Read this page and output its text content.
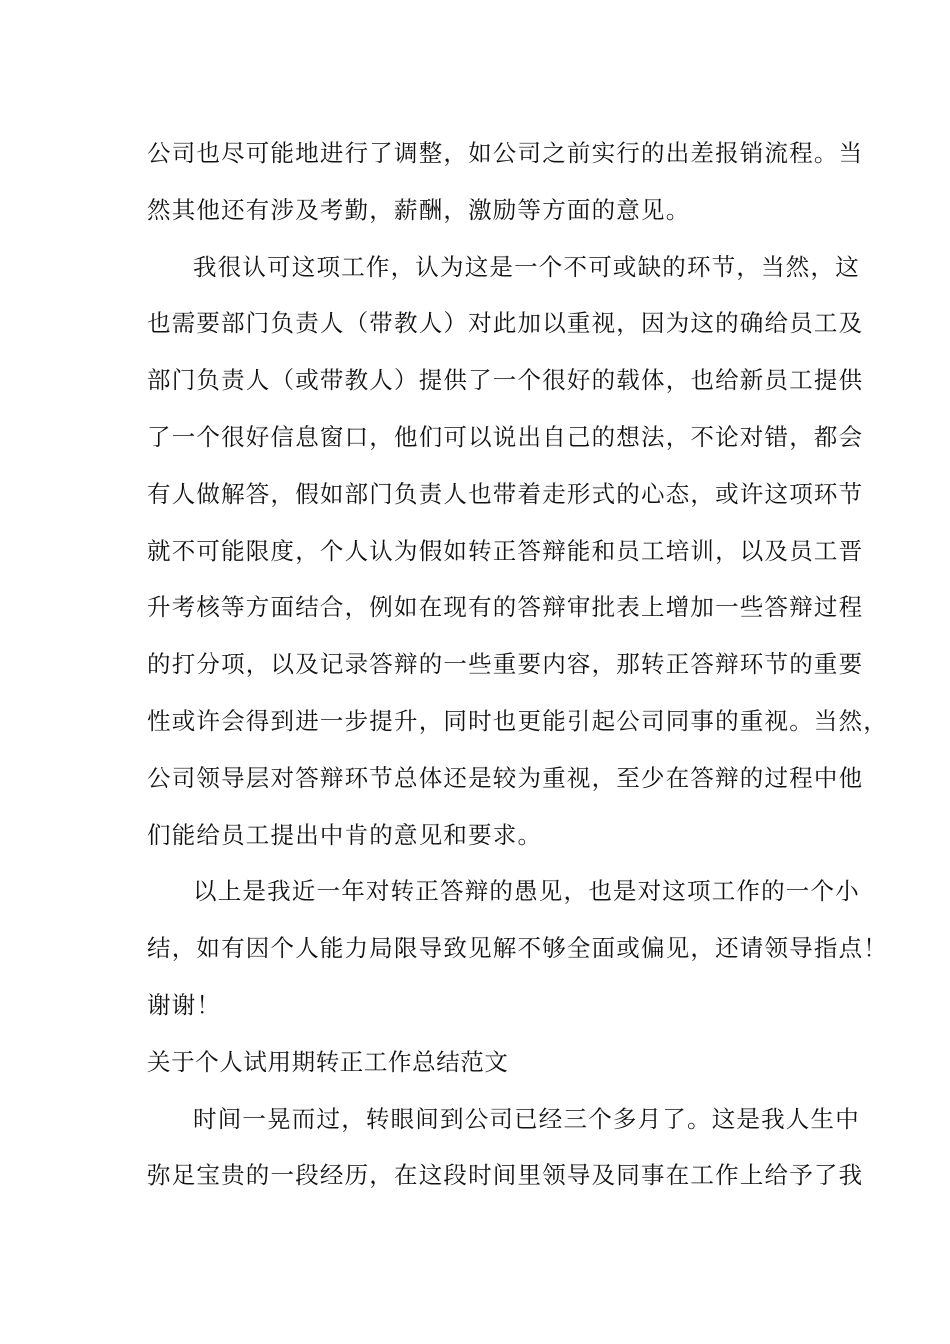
公司也尽可能地进行了调整，如公司之前实行的出差报销流程。当
然其他还有涉及考勤，薪酬，激励等方面的意见。
我很认可这项工作，认为这是一个不可或缺的环节，当然，这
也需要部门负责人（带教人）对此加以重视，因为这的确给员工及
部门负责人（或带教人）提供了一个很好的载体，也给新员工提供
了一个很好信息窗口，他们可以说出自己的想法，不论对错，都会
有人做解答，假如部门负责人也带着走形式的心态，或许这项环节
就不可能限度，个人认为假如转正答辩能和员工培训，以及员工晋
升考核等方面结合，例如在现有的答辩审批表上增加一些答辩过程
的打分项，以及记录答辩的一些重要内容，那转正答辩环节的重要
性或许会得到进一步提升，同时也更能引起公司同事的重视。当然，
公司领导层对答辩环节总体还是较为重视，至少在答辩的过程中他
们能给员工提出中肯的意见和要求。
以上是我近一年对转正答辩的愚见，也是对这项工作的一个小
结，如有因个人能力局限导致见解不够全面或偏见，还请领导指点！
谢谢！
关于个人试用期转正工作总结范文
时间一晃而过，转眼间到公司已经三个多月了。这是我人生中
弥足宝贵的一段经历，在这段时间里领导及同事在工作上给予了我
